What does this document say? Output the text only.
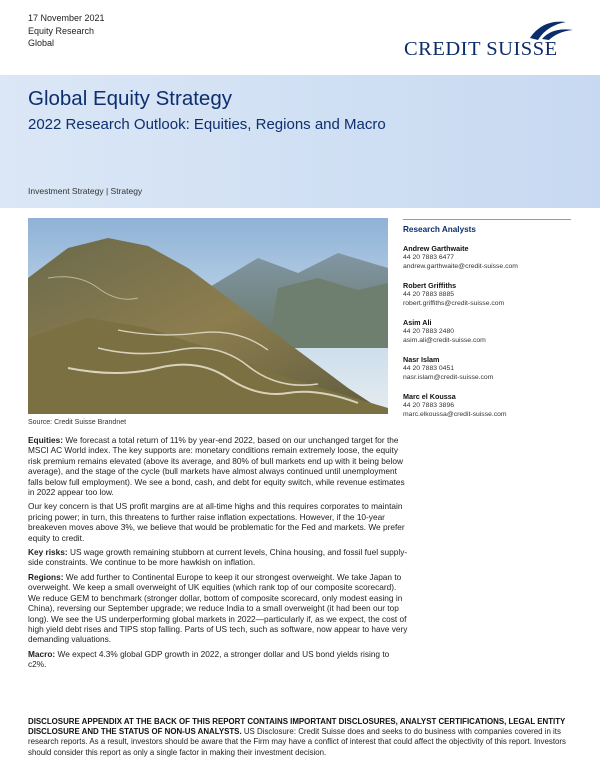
17 November 2021
Equity Research
Global	CREDIT SUISSE
Global Equity Strategy
2022 Research Outlook: Equities, Regions and Macro
Investment Strategy | Strategy
Source: Credit Suisse Brandnet
Research Analysts
Andrew Garthwaite
44 20 7883 6477
andrew.garthwaite@credit-suisse.com
Robert Griffiths
44 20 7883 8885
robert.griffiths@credit-suisse.com
Asim Ali
44 20 7883 2480
asim.ali@credit-suisse.com
Nasr Islam
44 20 7883 0451
nasr.islam@credit-suisse.com
Marc el Koussa
44 20 7883 3896
marc.elkoussa@credit-suisse.com

Equities: We forecast a total return of 11% by year-end 2022, based on our unchanged target for the MSCI AC World index. The key supports are: monetary conditions remain extremely loose, the equity risk premium remains elevated (above its average, and 80% of bull markets end up with it being below average), and the stage of the cycle (bull markets have almost always continued until unemployment falls below full employment). We see a bond, cash, and debt for equity switch, while revenue estimates in 2022 appear too low.

Our key concern is that US profit margins are at all-time highs and this requires corporates to maintain pricing power; in turn, this threatens to further raise inflation expectations. However, if the 10-year breakeven moves above 3%, we believe that would be problematic for the Fed and markets. We prefer equity to credit.

Key risks: US wage growth remaining stubborn at current levels, China housing, and fossil fuel supply-side constraints. We continue to be more hawkish on inflation.

Regions: We add further to Continental Europe to keep it our strongest overweight. We take Japan to overweight. We keep a small overweight of UK equities (which rank top of our composite scorecard). We reduce GEM to benchmark (stronger dollar, bottom of composite scorecard, only modest easing in China), reversing our September upgrade; we reduce India to a small overweight (it had been our top long). We see the US underperforming global markets in 2022—particularly if, as we expect, the cost of high yield debt rises and TIPS stop falling. Parts of US tech, such as software, now appear to have very demanding valuations.

Macro: We expect 4.3% global GDP growth in 2022, a stronger dollar and US bond yields rising to c2%.

DISCLOSURE APPENDIX AT THE BACK OF THIS REPORT CONTAINS IMPORTANT DISCLOSURES, ANALYST CERTIFICATIONS, LEGAL ENTITY DISCLOSURE AND THE STATUS OF NON-US ANALYSTS. US Disclosure: Credit Suisse does and seeks to do business with companies covered in its research reports. As a result, investors should be aware that the Firm may have a conflict of interest that could affect the objectivity of this report. Investors should consider this report as only a single factor in making their investment decision.
